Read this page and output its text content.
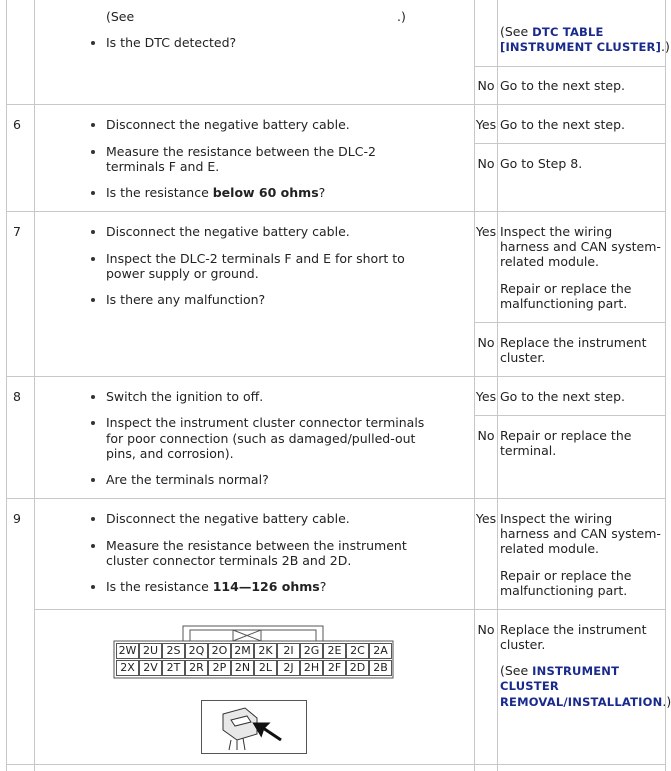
(See	.)
Is the DTC detected?
(See DTC TABLE
[INSTRUMENT CLUSTER].)
No Go to the next step.
6	Disconnect the negative battery cable.
Measure the resistance between the DLC-2
terminals F and E.
Is the resistance below 60 ohms?
Yes Go to the next step.
No Go to Step 8.
7	Disconnect the negative battery cable.
Inspect the DLC-2 terminals F and E for short to
power supply or ground.
Is there any malfunction?
Yes Inspect the wiring
harness and CAN system-
related module.
Repair or replace the
malfunctioning part.
No Replace the instrument
cluster.
8	Switch the ignition to off.
Inspect the instrument cluster connector terminals
for poor connection (such as damaged/pulled-out
pins, and corrosion).
Are the terminals normal?
Yes Go to the next step.
No Repair or replace the
terminal.
9	Disconnect the negative battery cable.
Measure the resistance between the instrument
cluster connector terminals 2B and 2D.
Is the resistance 114—126 ohms?
Yes Inspect the wiring
harness and CAN system-
related module.
Repair or replace the
malfunctioning part.
No Replace the instrument
cluster.
(See INSTRUMENT
CLUSTER
REMOVAL/INSTALLATION.)
2W 2U 2S 2Q 2O 2M 2K 2I 2G 2E 2C 2A
2X 2V 2T 2R 2P 2N 2L	2J 2H 2F 2D 2B
